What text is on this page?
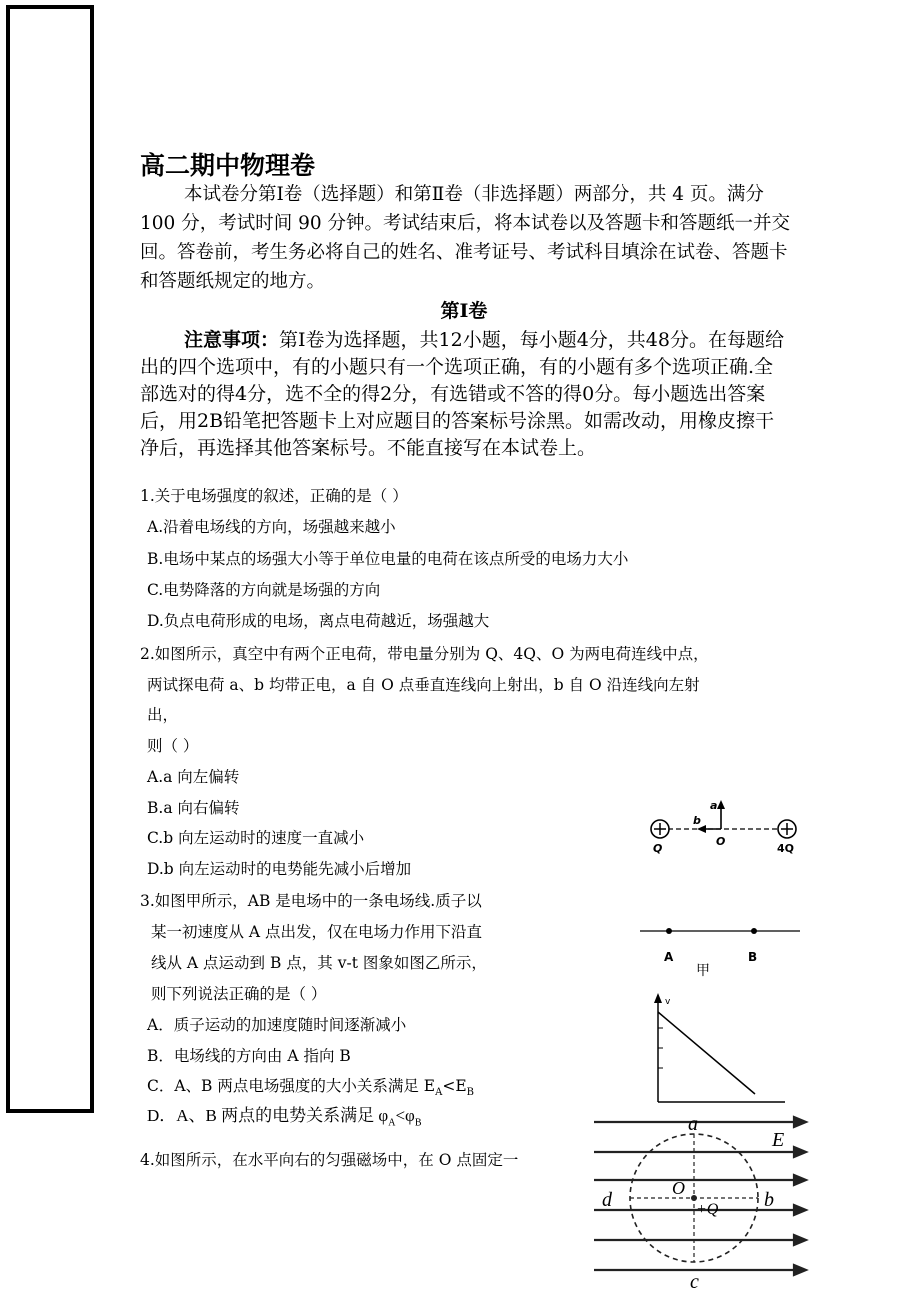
高二期中物理卷

本试卷分第Ⅰ卷（选择题）和第Ⅱ卷（非选择题）两部分，共 4 页。满分 100 分，考试时间 90 分钟。考试结束后，将本试卷以及答题卡和答题纸一并交回。答卷前，考生务必将自己的姓名、准考证号、考试科目填涂在试卷、答题卡和答题纸规定的地方。

第Ⅰ卷

注意事项：第Ⅰ卷为选择题，共12小题，每小题4分，共48分。在每题给出的四个选项中，有的小题只有一个选项正确，有的小题有多个选项正确.全部选对的得4分，选不全的得2分，有选错或不答的得0分。每小题选出答案后，用2B铅笔把答题卡上对应题目的答案标号涂黑。如需改动，用橡皮擦干净后，再选择其他答案标号。不能直接写在本试卷上。

1.关于电场强度的叙述，正确的是（ ）
A.沿着电场线的方向，场强越来越小
B.电场中某点的场强大小等于单位电量的电荷在该点所受的电场力大小
C.电势降落的方向就是场强的方向
D.负点电荷形成的电场，离点电荷越近，场强越大
2.如图所示，真空中有两个正电荷，带电量分别为 Q、4Q、O 为两电荷连线中点，
两试探电荷 a、b 均带正电，a 自 O 点垂直连线向上射出，b 自 O 沿连线向左射
出，
则（ ）
A.a 向左偏转
B.a 向右偏转
C.b 向左运动时的速度一直减小
D.b 向左运动时的电势能先减小后增加
a
b
Q
O
4Q
3.如图甲所示，AB 是电场中的一条电场线.质子以
某一初速度从 A 点出发，仅在电场力作用下沿直
线从 A 点运动到 B 点，其 v-t 图象如图乙所示，
则下列说法正确的是（ ）
A．质子运动的加速度随时间逐渐减小
B．电场线的方向由 A 指向 B
C．A、B 两点电场强度的大小关系满足 $E_A<E_B$
D．A、B 两点的电势关系满足 $\varphi_A<\varphi_B$
A	B
甲
v
4.如图所示，在水平向右的匀强磁场中，在 O 点固定一
a
E
O
d	b
+Q
c
